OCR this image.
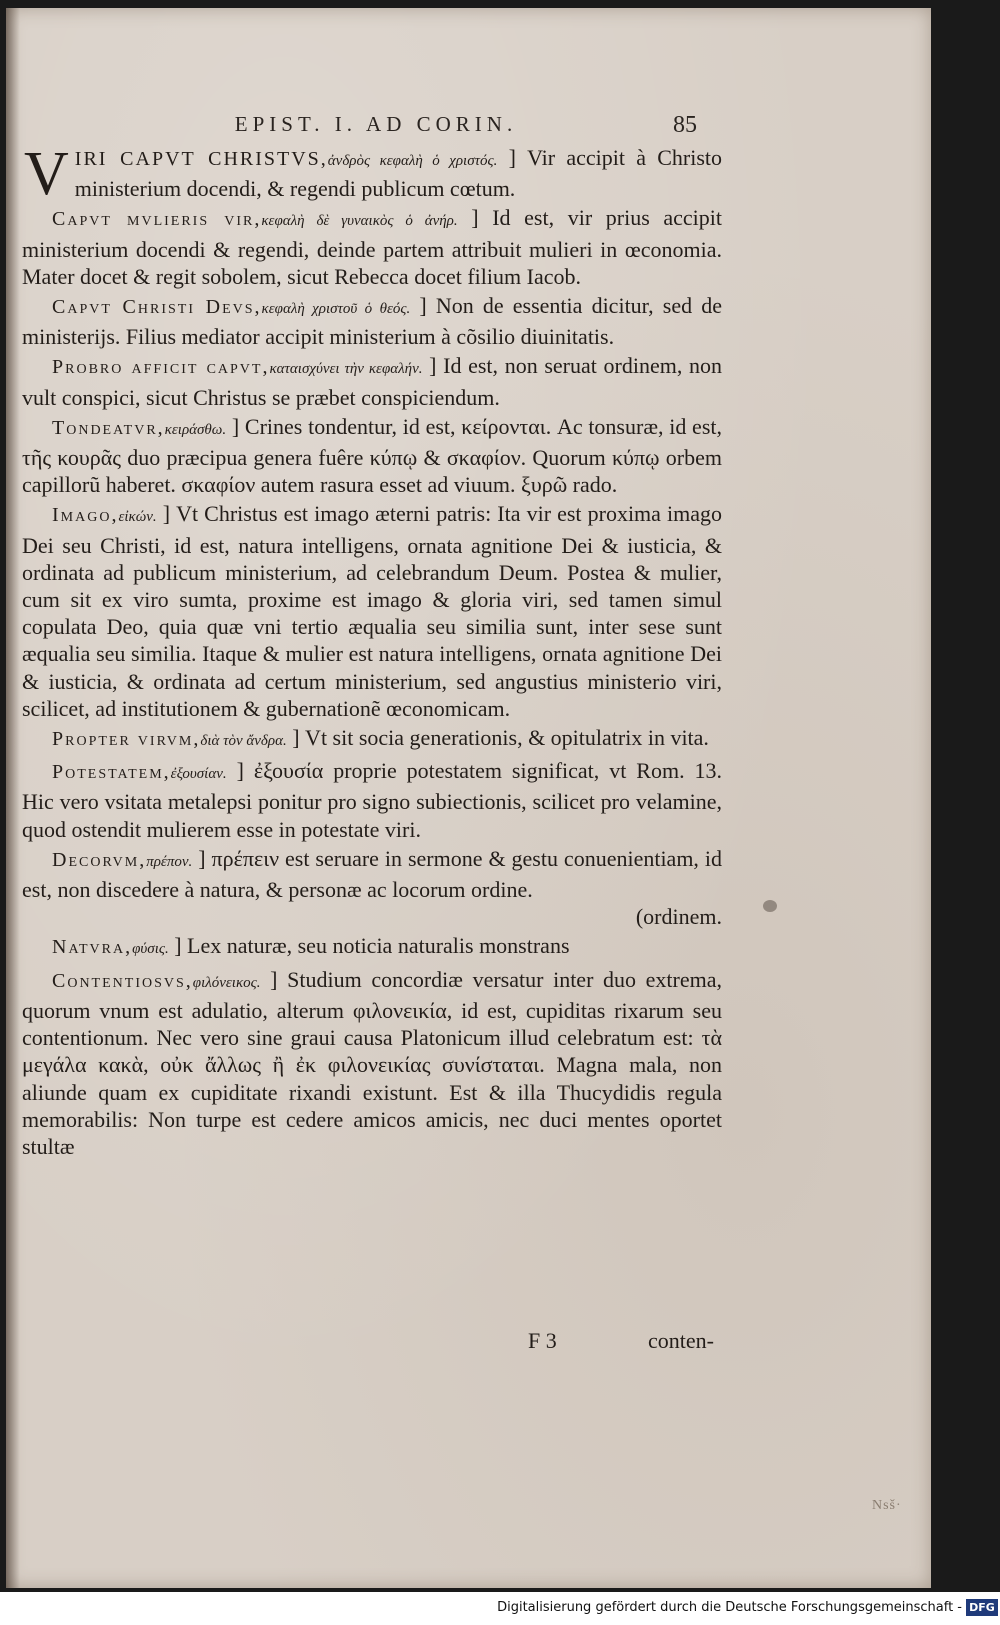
EPIST. I. AD CORIN.	85

VIRI CAPVT CHRISTVS,ἀνδρὸς κεφαλὴ ὁ χριστός. ] Vir accipit à Christo ministerium docendi, & regendi publicum cœtum.

Capvt mvlieris vir,κεφαλὴ δὲ γυναικὸς ὁ ἀνήρ. ] Id est, vir prius accipit ministerium docendi & regendi, deinde partem attribuit mulieri in œconomia. Mater docet & regit sobolem, sicut Rebecca docet filium Iacob.

Capvt Christi Devs,κεφαλὴ χριστοῦ ὁ θεός. ] Non de essentia dicitur, sed de ministerijs. Filius mediator accipit ministerium à cõsilio diuinitatis.

Probro afficit capvt,καταισχύνει τὴν κεφαλήν. ] Id est, non seruat ordinem, non vult conspici, sicut Christus se præbet conspiciendum.

Tondeatvr,κειράσθω. ] Crines tondentur, id est, κείρονται. Ac tonsuræ, id est, τῆς κουρᾶς duo præcipua genera fuêre κύπῳ & σκαφίον. Quorum κύπῳ orbem capillorũ haberet. σκαφίον autem rasura esset ad viuum. ξυρῶ rado.

Imago,εἰκών. ] Vt Christus est imago æterni patris: Ita vir est proxima imago Dei seu Christi, id est, natura intelligens, ornata agnitione Dei & iusticia, & ordinata ad publicum ministerium, ad celebrandum Deum. Postea & mulier, cum sit ex viro sumta, proxime est imago & gloria viri, sed tamen simul copulata Deo, quia quæ vni tertio æqualia seu similia sunt, inter sese sunt æqualia seu similia. Itaque & mulier est natura intelligens, ornata agnitione Dei & iusticia, & ordinata ad certum ministerium, sed angustius ministerio viri, scilicet, ad institutionem & gubernationẽ œconomicam.

Propter virvm,διὰ τὸν ἄνδρα. ] Vt sit socia generationis, & opitulatrix in vita.

Potestatem,ἐξουσίαν. ] ἐξουσία proprie potestatem significat, vt Rom. 13. Hic vero vsitata metalepsi ponitur pro signo subiectionis, scilicet pro velamine, quod ostendit mulierem esse in potestate viri.

Decorvm,πρέπον. ] πρέπειν est seruare in sermone & gestu conuenientiam, id est, non discedere à natura, & personæ ac locorum ordine.
(ordinem.

Natvra,φύσις. ] Lex naturæ, seu noticia naturalis monstrans

Contentiosvs,φιλόνεικος. ] Studium concordiæ versatur inter duo extrema, quorum vnum est adulatio, alterum φιλονεικία, id est, cupiditas rixarum seu contentionum. Nec vero sine graui causa Platonicum illud celebratum est: τὰ μεγάλα κακὰ, οὐκ ἄλλως ἢ ἐκ φιλονεικίας συνίσταται. Magna mala, non aliunde quam ex cupiditate rixandi existunt. Est & illa Thucydidis regula memorabilis: Non turpe est cedere amicos amicis, nec duci mentes oportet stultæ

F 3	conten-
Nsš·
Digitalisierung gefördert durch die Deutsche Forschungsgemeinschaft - DFG
